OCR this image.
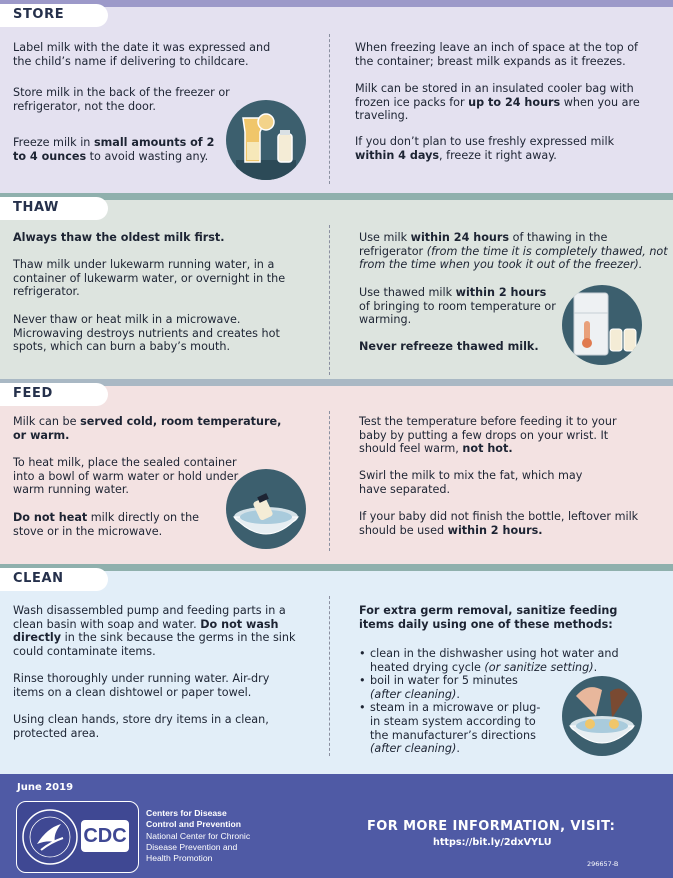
STORE

Label milk with the date it was expressed and the child’s name if delivering to childcare.

Store milk in the back of the freezer or refrigerator, not the door.

Freeze milk in small amounts of 2 to 4 ounces to avoid wasting any.

When freezing leave an inch of space at the top of the container; breast milk expands as it freezes.

Milk can be stored in an insulated cooler bag with frozen ice packs for up to 24 hours when you are traveling.

If you don’t plan to use freshly expressed milk within 4 days, freeze it right away.

THAW

Always thaw the oldest milk first.

Thaw milk under lukewarm running water, in a container of lukewarm water, or overnight in the refrigerator.

Never thaw or heat milk in a microwave. Microwaving destroys nutrients and creates hot spots, which can burn a baby’s mouth.

Use milk within 24 hours of thawing in the refrigerator (from the time it is completely thawed, not from the time when you took it out of the freezer).

Use thawed milk within 2 hours of bringing to room temperature or warming.

Never refreeze thawed milk.

FEED

Milk can be served cold, room temperature, or warm.

To heat milk, place the sealed container into a bowl of warm water or hold under warm running water.

Do not heat milk directly on the stove or in the microwave.

Test the temperature before feeding it to your baby by putting a few drops on your wrist. It should feel warm, not hot.

Swirl the milk to mix the fat, which may have separated.

If your baby did not finish the bottle, leftover milk should be used within 2 hours.

CLEAN

Wash disassembled pump and feeding parts in a clean basin with soap and water. Do not wash directly in the sink because the germs in the sink could contaminate items.

Rinse thoroughly under running water. Air-dry items on a clean dishtowel or paper towel.

Using clean hands, store dry items in a clean, protected area.

For extra germ removal, sanitize feeding items daily using one of these methods:

• clean in the dishwasher using hot water and heated drying cycle (or sanitize setting).
• boil in water for 5 minutes (after cleaning).
• steam in a microwave or plug-in steam system according to the manufacturer’s directions (after cleaning).

June 2019

CDC

Centers for Disease

Control and Prevention

National Center for Chronic

Disease Prevention and

Health Promotion

FOR MORE INFORMATION, VISIT:

https://bit.ly/2dxVYLU

296657-B
